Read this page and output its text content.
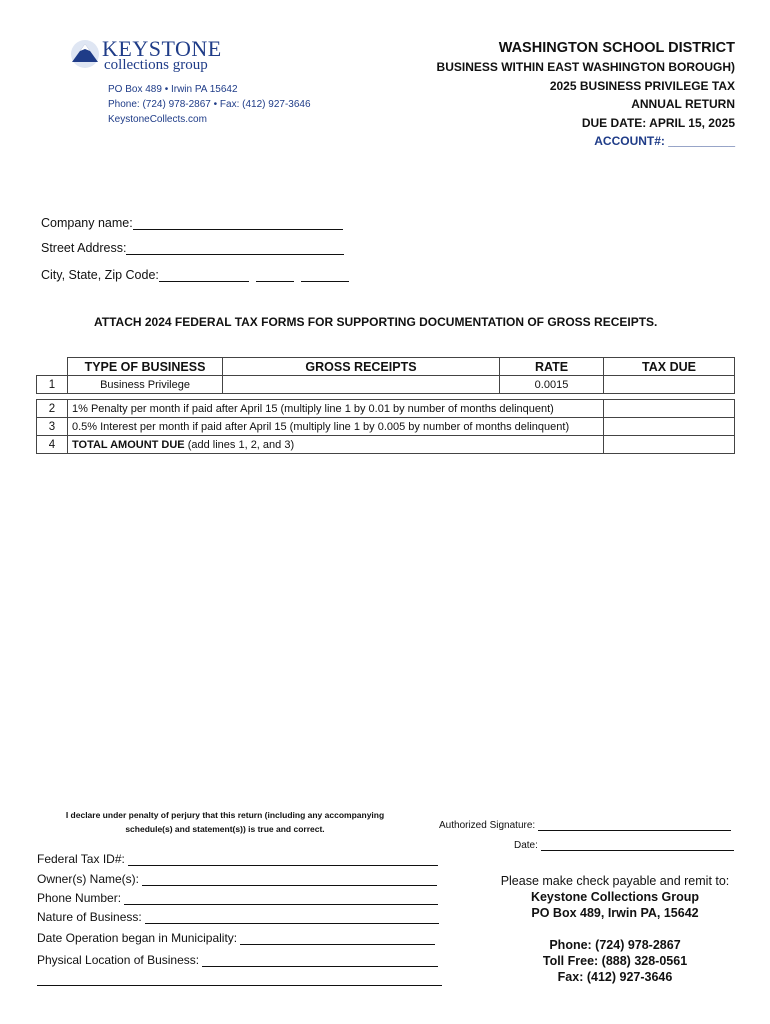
KEYSTONE
collections group
PO Box 489 • Irwin PA 15642
Phone: (724) 978-2867 • Fax: (412) 927-3646
KeystoneCollects.com
WASHINGTON SCHOOL DISTRICT
BUSINESS WITHIN EAST WASHINGTON BOROUGH)
2025 BUSINESS PRIVILEGE TAX
ANNUAL RETURN
DUE DATE: APRIL 15, 2025
ACCOUNT#: __________
Company name:
Street Address:
City, State, Zip Code:
ATTACH 2024 FEDERAL TAX FORMS FOR SUPPORTING DOCUMENTATION OF GROSS RECEIPTS.
	TYPE OF BUSINESS	GROSS RECEIPTS	RATE	TAX DUE
1	Business Privilege		0.0015	

2	1% Penalty per month if paid after April 15 (multiply line 1 by 0.01 by number of months delinquent)			
3	0.5% Interest per month if paid after April 15 (multiply line 1 by 0.005 by number of months delinquent)			
4	TOTAL AMOUNT DUE (add lines 1, 2, and 3)			
I declare under penalty of perjury that this return (including any accompanying
schedule(s) and statement(s)) is true and correct.	Authorized Signature:
Date:
Federal Tax ID#:
Owner(s) Name(s):
Phone Number:
Nature of Business:
Date Operation began in Municipality:
Physical Location of Business:
Please make check payable and remit to:
Keystone Collections Group
PO Box 489, Irwin PA, 15642
Phone: (724) 978-2867
Toll Free: (888) 328-0561
Fax: (412) 927-3646
